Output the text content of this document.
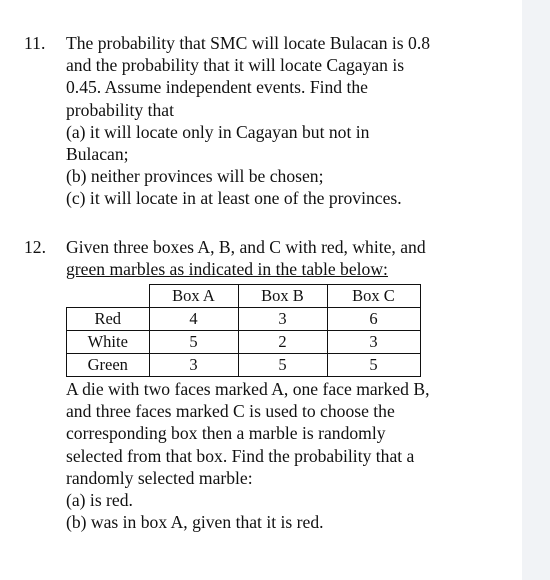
11.	The probability that SMC will locate Bulacan is 0.8
and the probability that it will locate Cagayan is
0.45. Assume independent events. Find the
probability that
(a) it will locate only in Cagayan but not in
Bulacan;
(b) neither provinces will be chosen;
(c) it will locate in at least one of the provinces.
12.	Given three boxes A, B, and C with red, white, and
green marbles as indicated in the table below:
	Box A	Box B	Box C
Red	4	3	6
White	5	2	3
Green	3	5	5
A die with two faces marked A, one face marked B,
and three faces marked C is used to choose the
corresponding box then a marble is randomly
selected from that box. Find the probability that a
randomly selected marble:
(a) is red.
(b) was in box A, given that it is red.
